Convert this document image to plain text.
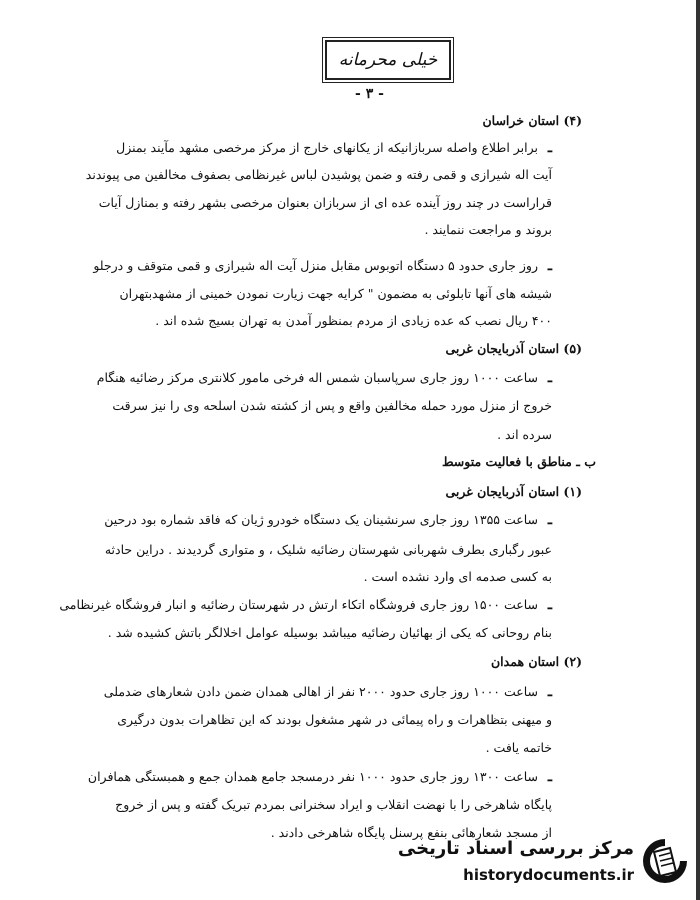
خیلی محرمانه
- ۳ -
(۴) استان خراسان
ـ
برابر اطلاع واصله سربازانیکه از یکانهای خارج از مرکز مرخصی مشهد مآیند بمنزل
آیت اله شیرازی و قمی رفته و ضمن پوشیدن لباس غیرنظامی بصفوف مخالفین می پیوندند
قراراست در چند روز آینده عده ای از سربازان بعنوان مرخصی بشهر رفته و بمنازل آیات
بروند و مراجعت ننمایند .
ـ
روز جاری حدود ۵ دستگاه اتوبوس مقابل منزل آیت اله شیرازی و قمی متوقف و درجلو
شیشه های آنها تابلوئی به مضمون " کرایه جهت زیارت نمودن خمینی از مشهدبتهران
۴۰۰ ریال نصب که عده زیادی از مردم بمنظور آمدن به تهران بسیج شده اند .
(۵) استان آذربایجان غربی
ـ
ساعت ۱۰۰۰ روز جاری سرپاسبان شمس اله فرخی مامور کلانتری مرکز رضائیه هنگام
خروج از منزل مورد حمله مخالفین واقع و پس از کشته شدن اسلحه وی را نیز سرقت
سرده اند .
ب ـ مناطق با فعالیت متوسط
(۱) استان آذربایجان غربی
ـ
ساعت ۱۳۵۵ روز جاری سرنشینان یک دستگاه خودرو ژیان که فاقد شماره بود درحین
عبور رگباری بطرف شهربانی شهرستان رضائیه شلیک ، و متواری گردیدند . دراین حادثه
به کسی صدمه ای وارد نشده است .
ـ
ساعت ۱۵۰۰ روز جاری فروشگاه اتکاء ارتش در شهرستان رضائیه و انبار فروشگاه غیرنظامی
بنام روحانی که یکی از بهائیان رضائیه میباشد بوسیله عوامل اخلالگر باتش کشیده شد .
(۲) استان همدان
ـ
ساعت ۱۰۰۰ روز جاری حدود ۲۰۰۰ نفر از اهالی همدان ضمن دادن شعارهای ضدملی
و میهنی بتظاهرات و راه پیمائی در شهر مشغول بودند که این تظاهرات بدون درگیری
خاتمه یافت .
ـ
ساعت ۱۳۰۰ روز جاری حدود ۱۰۰۰ نفر درمسجد جامع همدان جمع و همبستگی همافران
پایگاه شاهرخی را با نهضت انقلاب و ایراد سخنرانی بمردم تبریک گفته و پس از خروج
از مسجد شعارهائی بنفع پرسنل پایگاه شاهرخی دادند .
مرکز بررسی اسناد تاریخی
historydocuments.ir
